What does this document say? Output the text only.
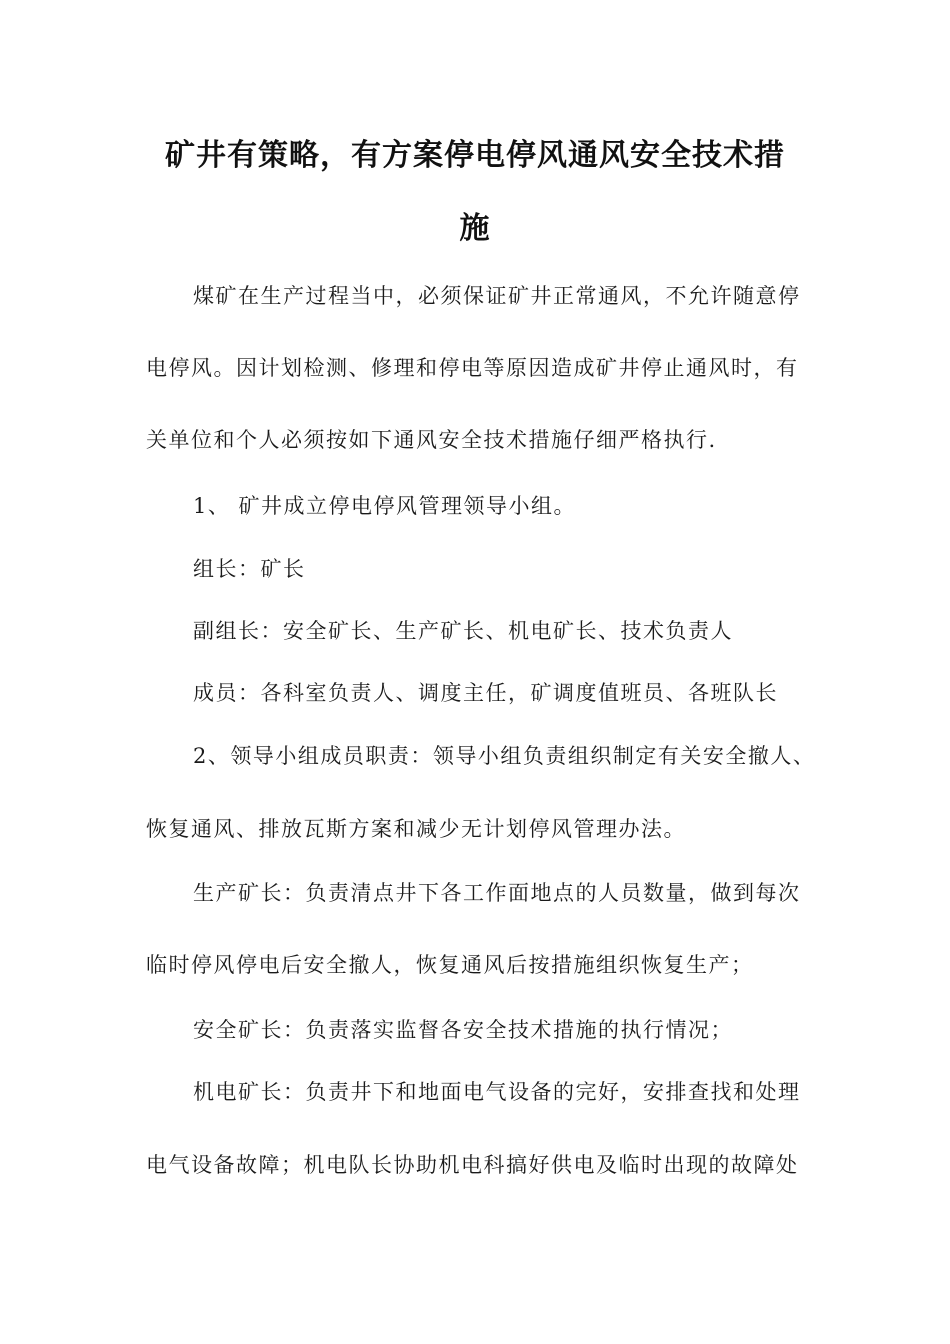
矿井有策略，有方案停电停风通风安全技术措
施
煤矿在生产过程当中，必须保证矿井正常通风，不允许随意停
电停风。因计划检测、修理和停电等原因造成矿井停止通风时，有
关单位和个人必须按如下通风安全技术措施仔细严格执行.
1、 矿井成立停电停风管理领导小组。
组长：矿长
副组长：安全矿长、生产矿长、机电矿长、技术负责人
成员：各科室负责人、调度主任，矿调度值班员、各班队长
2、领导小组成员职责：领导小组负责组织制定有关安全撤人、
恢复通风、排放瓦斯方案和减少无计划停风管理办法。
生产矿长：负责清点井下各工作面地点的人员数量，做到每次
临时停风停电后安全撤人，恢复通风后按措施组织恢复生产；
安全矿长：负责落实监督各安全技术措施的执行情况；
机电矿长：负责井下和地面电气设备的完好，安排查找和处理
电气设备故障；机电队长协助机电科搞好供电及临时出现的故障处
